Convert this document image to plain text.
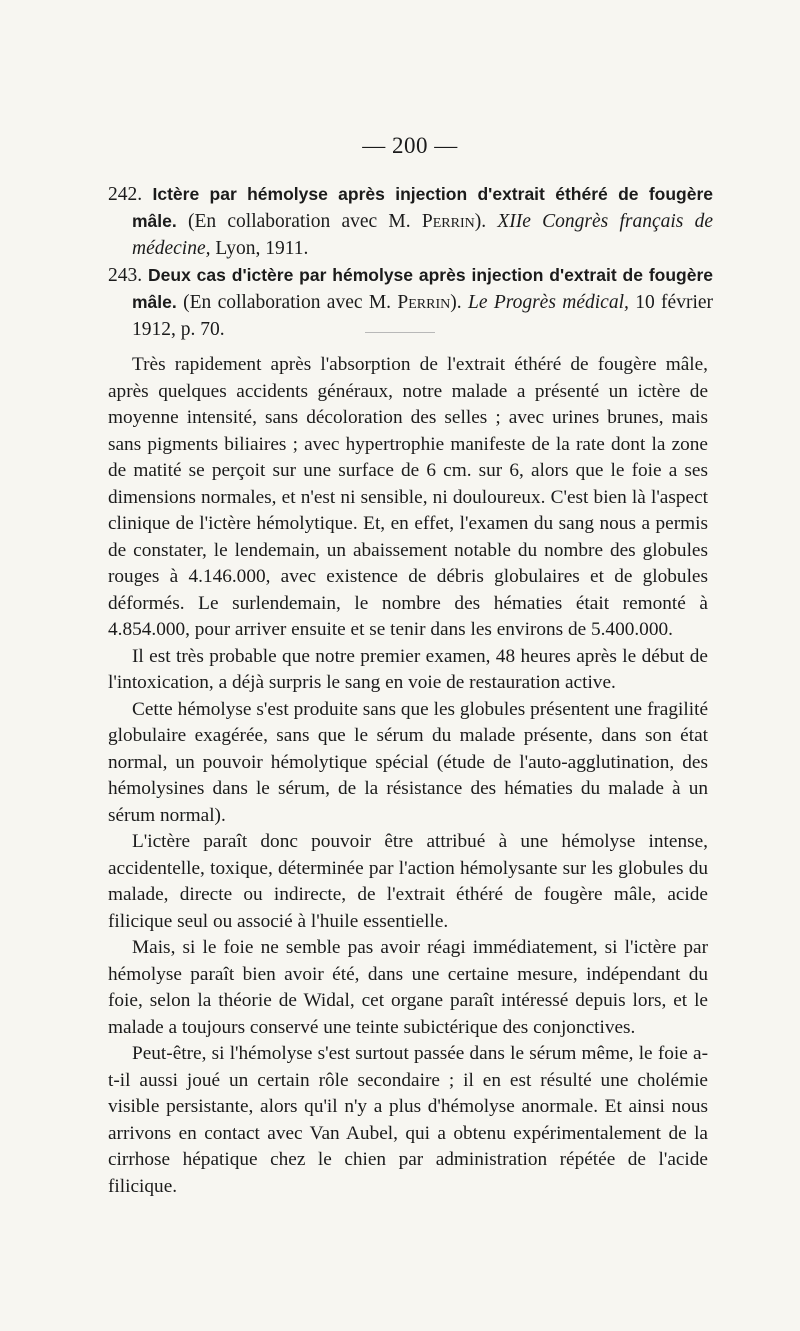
— 200 —
242. Ictère par hémolyse après injection d'extrait éthéré de fougère mâle. (En collaboration avec M. Perrin). XIIe Congrès français de médecine, Lyon, 1911.
243. Deux cas d'ictère par hémolyse après injection d'extrait de fougère mâle. (En collaboration avec M. Perrin). Le Progrès médical, 10 février 1912, p. 70.

Très rapidement après l'absorption de l'extrait éthéré de fougère mâle, après quelques accidents généraux, notre malade a présenté un ictère de moyenne intensité, sans décoloration des selles ; avec urines brunes, mais sans pigments biliaires ; avec hypertrophie manifeste de la rate dont la zone de matité se perçoit sur une surface de 6 cm. sur 6, alors que le foie a ses dimensions normales, et n'est ni sensible, ni douloureux. C'est bien là l'aspect clinique de l'ictère hémolytique. Et, en effet, l'examen du sang nous a permis de constater, le lendemain, un abaissement notable du nombre des globules rouges à 4.146.000, avec existence de débris globulaires et de globules déformés. Le surlendemain, le nombre des hématies était remonté à 4.854.000, pour arriver ensuite et se tenir dans les environs de 5.400.000.

Il est très probable que notre premier examen, 48 heures après le début de l'intoxication, a déjà surpris le sang en voie de restauration active.

Cette hémolyse s'est produite sans que les globules présentent une fragilité globulaire exagérée, sans que le sérum du malade présente, dans son état normal, un pouvoir hémolytique spécial (étude de l'auto-agglutination, des hémolysines dans le sérum, de la résistance des hématies du malade à un sérum normal).

L'ictère paraît donc pouvoir être attribué à une hémolyse intense, accidentelle, toxique, déterminée par l'action hémolysante sur les globules du malade, directe ou indirecte, de l'extrait éthéré de fougère mâle, acide filicique seul ou associé à l'huile essentielle.

Mais, si le foie ne semble pas avoir réagi immédiatement, si l'ictère par hémolyse paraît bien avoir été, dans une certaine mesure, indépendant du foie, selon la théorie de Widal, cet organe paraît intéressé depuis lors, et le malade a toujours conservé une teinte subictérique des conjonctives.

Peut-être, si l'hémolyse s'est surtout passée dans le sérum même, le foie a-t-il aussi joué un certain rôle secondaire ; il en est résulté une cholémie visible persistante, alors qu'il n'y a plus d'hémolyse anormale. Et ainsi nous arrivons en contact avec Van Aubel, qui a obtenu expérimentalement de la cirrhose hépatique chez le chien par administration répétée de l'acide filicique.
